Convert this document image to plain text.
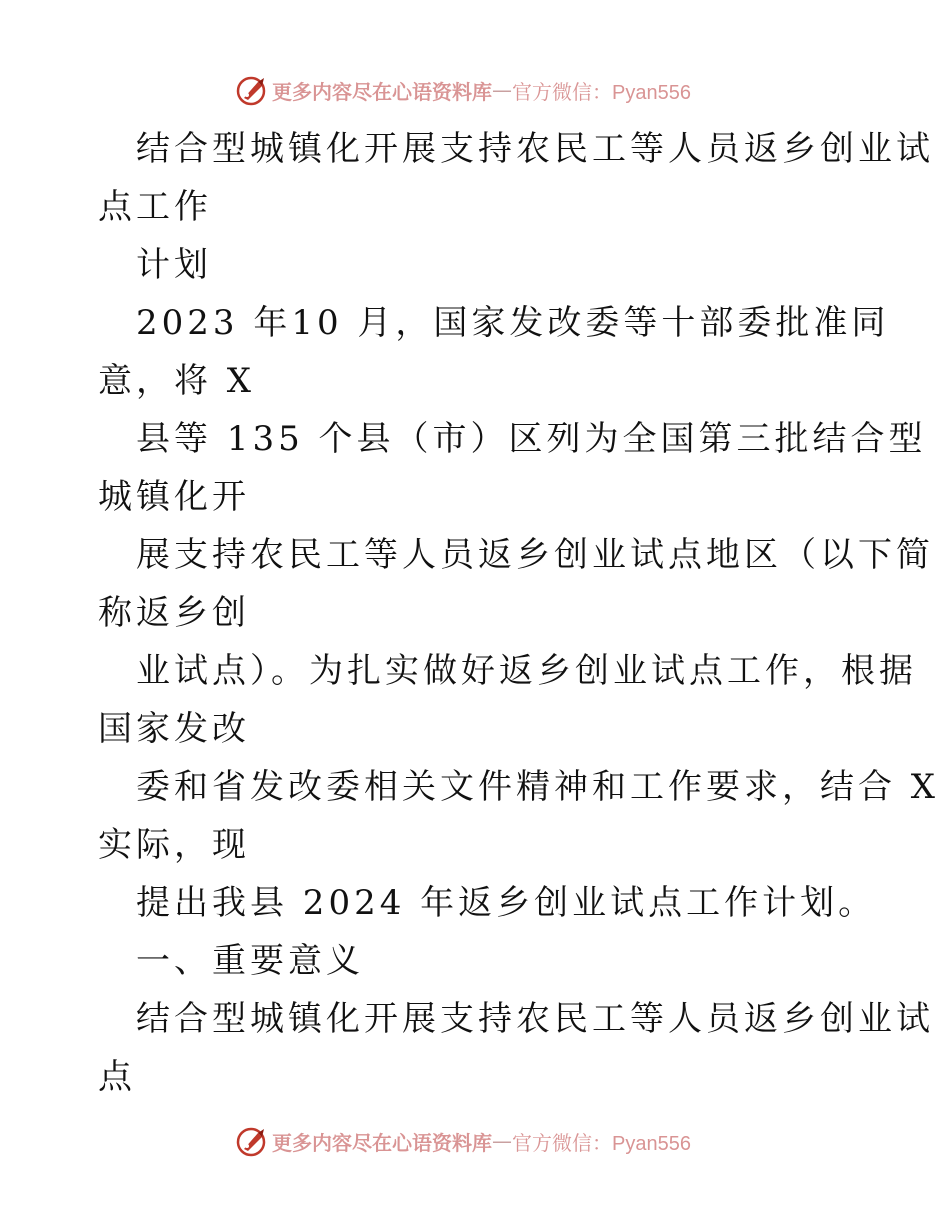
更多内容尽在心语资料库 — 官方微信：Pyan556
结合型城镇化开展支持农民工等人员返乡创业试
点工作
计划
2023 年10 月，国家发改委等十部委批准同
意，将 X
县等 135 个县（市）区列为全国第三批结合型
城镇化开
展支持农民工等人员返乡创业试点地区（以下简
称返乡创
业试点）。为扎实做好返乡创业试点工作，根据
国家发改
委和省发改委相关文件精神和工作要求，结合 X
实际，现
提出我县 2024 年返乡创业试点工作计划。
一、重要意义
结合型城镇化开展支持农民工等人员返乡创业试
点
更多内容尽在心语资料库 — 官方微信：Pyan556
